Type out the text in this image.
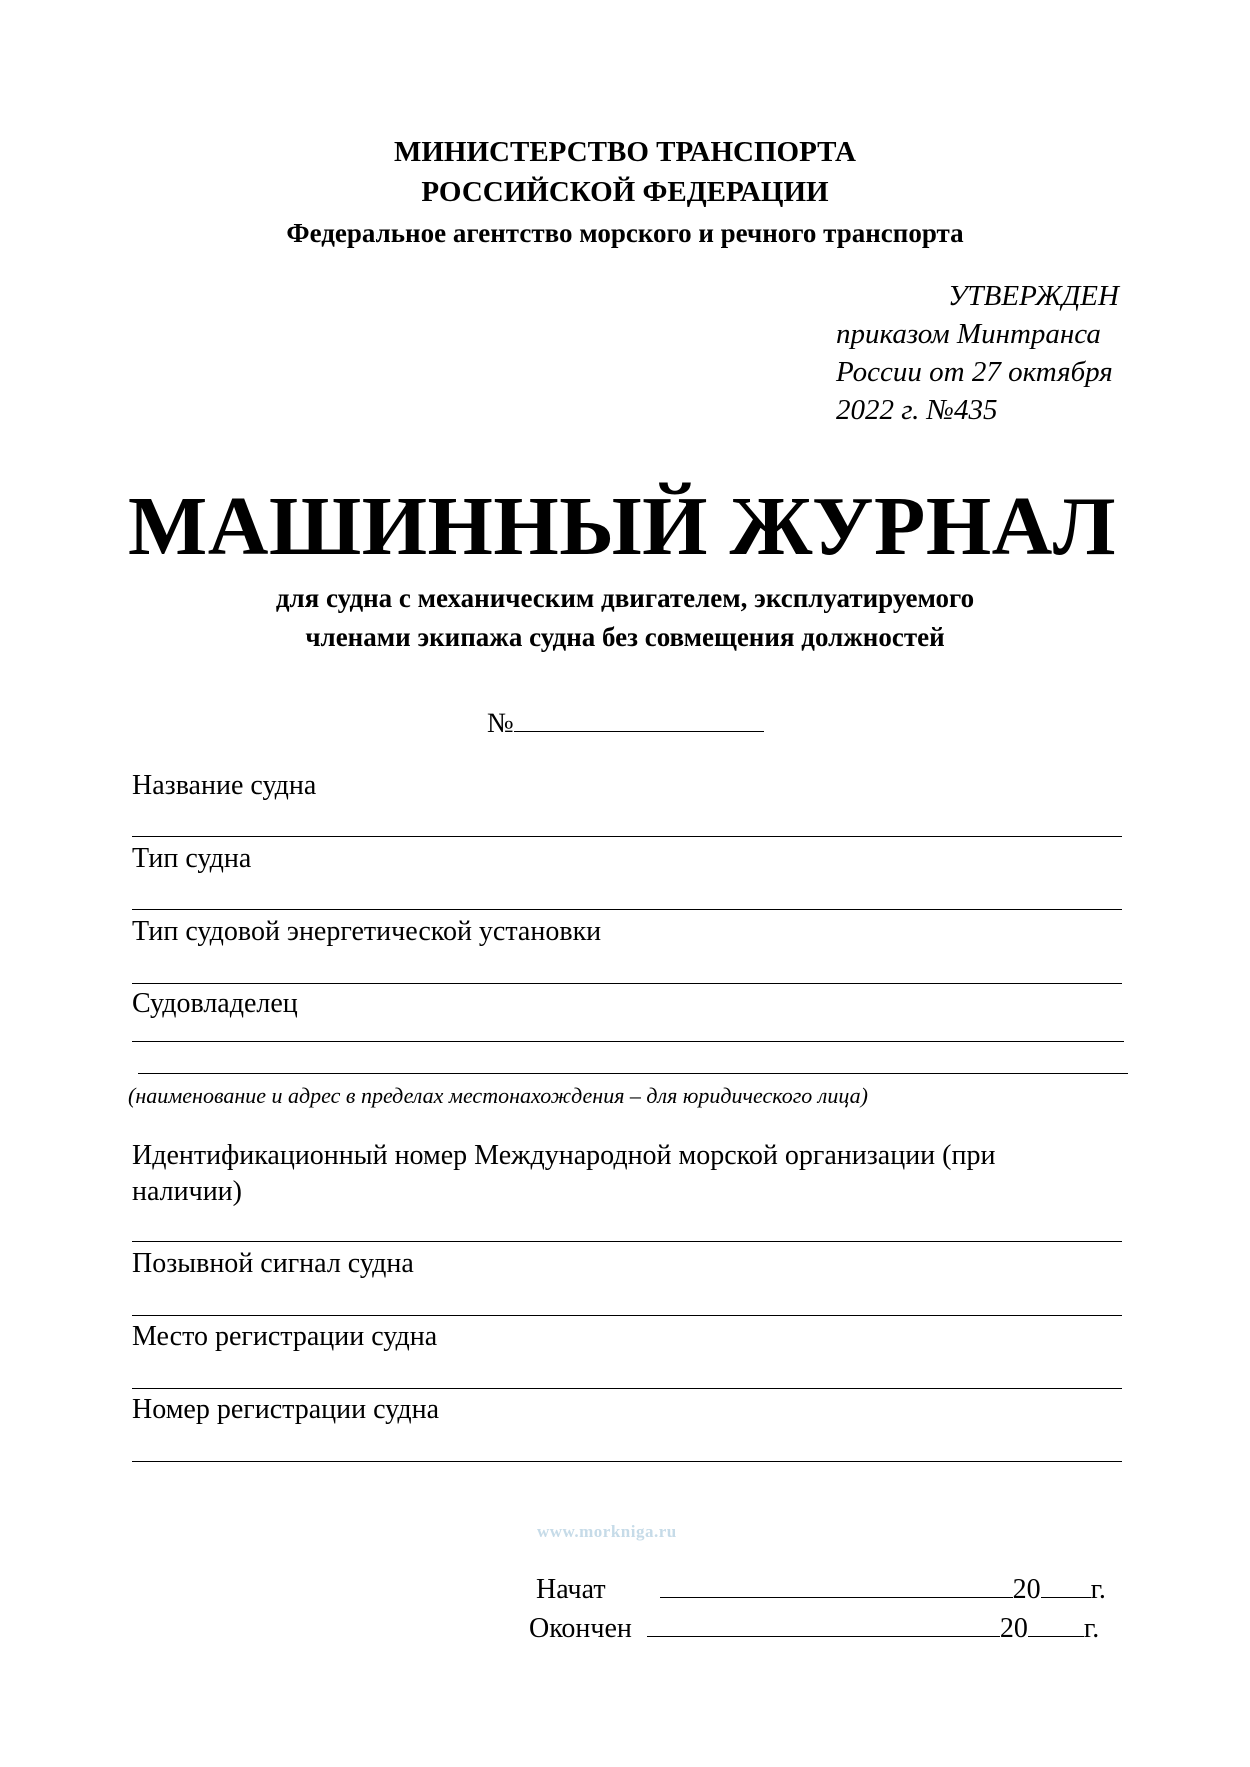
МИНИСТЕРСТВО ТРАНСПОРТА
РОССИЙСКОЙ ФЕДЕРАЦИИ
Федеральное агентство морского и речного транспорта
УТВЕРЖДЕН
приказом Минтранса
России от 27 октября
2022 г. №435
МАШИННЫЙ ЖУРНАЛ
для судна с механическим двигателем, эксплуатируемого
членами экипажа судна без совмещения должностей
№
Название судна
Тип судна
Тип судовой энергетической установки
Судовладелец
(наименование и адрес в пределах местонахождения – для юридического лица)
Идентификационный номер Международной морской организации (при
наличии)
Позывной сигнал судна
Место регистрации судна
Номер регистрации судна
www.morkniga.ru
Начат	20 г.
Окончен	20 г.
